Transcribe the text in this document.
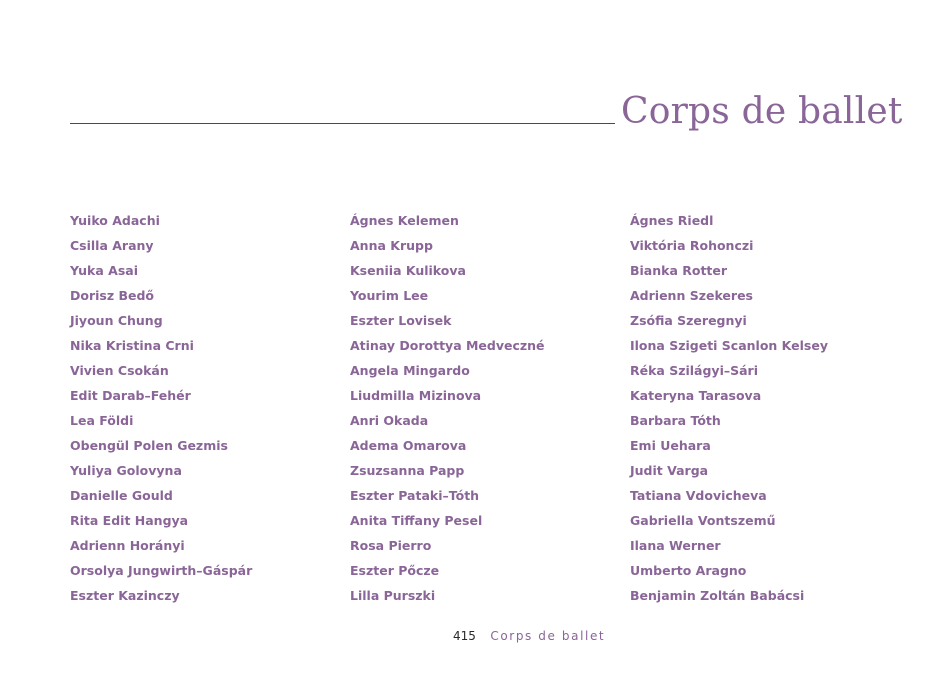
Corps de ballet
Yuiko Adachi
Csilla Arany
Yuka Asai
Dorisz Bedő
Jiyoun Chung
Nika Kristina Crni
Vivien Csokán
Edit Darab–Fehér
Lea Földi
Obengül Polen Gezmis
Yuliya Golovyna
Danielle Gould
Rita Edit Hangya
Adrienn Horányi
Orsolya Jungwirth–Gáspár
Eszter Kazinczy
Ágnes Kelemen
Anna Krupp
Kseniia Kulikova
Yourim Lee
Eszter Lovisek
Atinay Dorottya Medveczné
Angela Mingardo
Liudmilla Mizinova
Anri Okada
Adema Omarova
Zsuzsanna Papp
Eszter Pataki–Tóth
Anita Tiffany Pesel
Rosa Pierro
Eszter Pőcze
Lilla Purszki
Ágnes Riedl
Viktória Rohonczi
Bianka Rotter
Adrienn Szekeres
Zsófia Szeregnyi
Ilona Szigeti Scanlon Kelsey
Réka Szilágyi–Sári
Kateryna Tarasova
Barbara Tóth
Emi Uehara
Judit Varga
Tatiana Vdovicheva
Gabriella Vontszemű
Ilana Werner
Umberto Aragno
Benjamin Zoltán Babácsi
415 Corps de ballet
